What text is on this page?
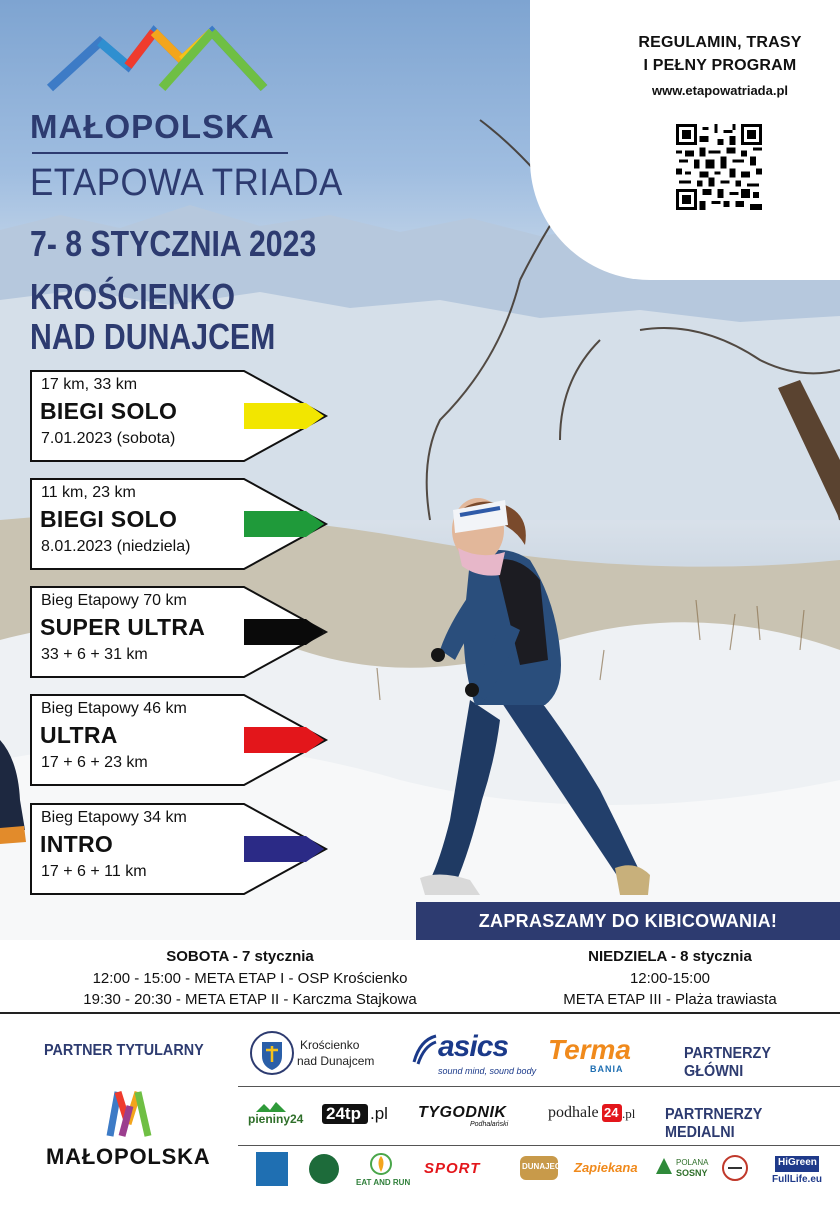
REGULAMIN, TRASY
I PEŁNY PROGRAM
www.etapowatriada.pl
MAŁOPOLSKA
ETAPOWA TRIADA
7- 8 STYCZNIA 2023
KROŚCIENKO
NAD DUNAJCEM
17 km, 33 km
BIEGI SOLO
7.01.2023 (sobota)
11 km, 23 km
BIEGI SOLO
8.01.2023 (niedziela)
Bieg Etapowy 70 km
SUPER ULTRA
33 + 6 + 31 km
Bieg Etapowy 46 km
ULTRA
17 + 6 + 23 km
Bieg Etapowy 34 km
INTRO
17 + 6 + 11 km
ZAPRASZAMY DO KIBICOWANIA!
SOBOTA - 7 stycznia
12:00 - 15:00 - META ETAP I - OSP Krościenko
19:30 - 20:30 - META ETAP II - Karczma Stajkowa
NIEDZIELA - 8 stycznia
12:00-15:00
META ETAP III - Plaża trawiasta
PARTNER TYTULARNY	PARTNERZY GŁÓWNI
PARTRNERZY MEDIALNI
Krościenko
nad Dunajcem asics
sound mind, sound body
Terma
BANIA
pieniny24 24tp .pl TYGODNIK
Podhalański
podhale 24 .pl
MAŁOPOLSKA
EAT AND RUN
SPORT	DUNAJEC Zapiekana	POLANA
SOSNY
HiGreen
FullLife.eu
